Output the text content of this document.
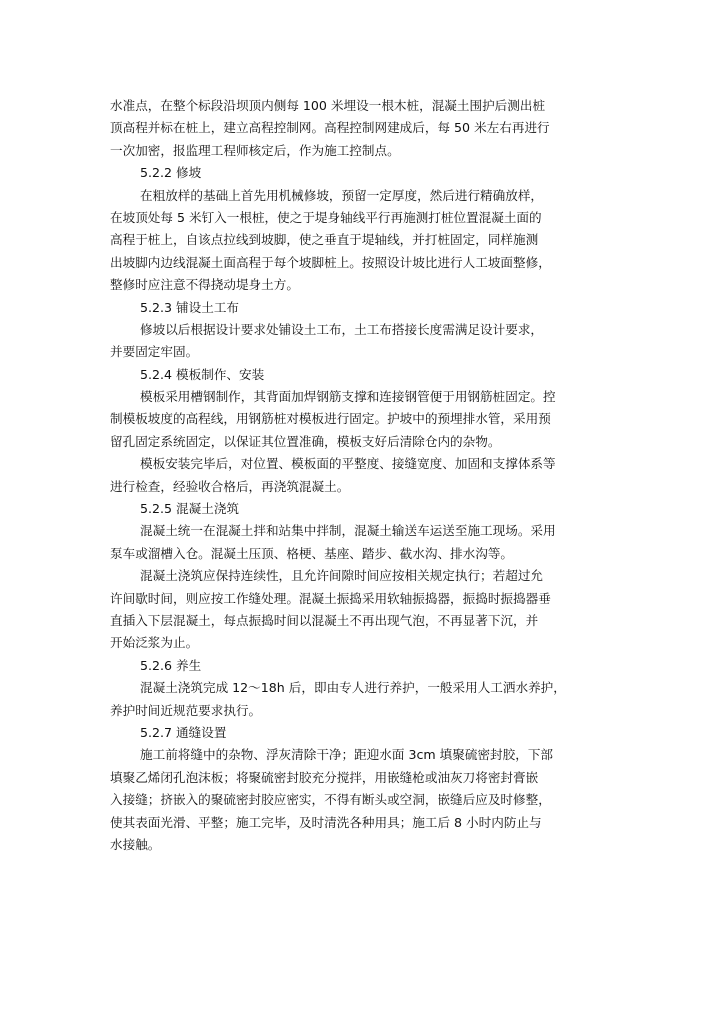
水准点，在整个标段沿坝顶内侧每 100 米埋设一根木桩，混凝土围护后测出桩
顶高程并标在桩上，建立高程控制网。高程控制网建成后，每 50 米左右再进行
一次加密，报监理工程师核定后，作为施工控制点。
5.2.2 修坡
在粗放样的基础上首先用机械修坡，预留一定厚度，然后进行精确放样，
在坡顶处每 5 米钉入一根桩，使之于堤身轴线平行再施测打桩位置混凝土面的
高程于桩上，自该点拉线到坡脚，使之垂直于堤轴线，并打桩固定，同样施测
出坡脚内边线混凝土面高程于每个坡脚桩上。按照设计坡比进行人工坡面整修，
整修时应注意不得挠动堤身土方。
5.2.3 铺设土工布
修坡以后根据设计要求处铺设土工布，土工布搭接长度需满足设计要求，
并要固定牢固。
5.2.4 模板制作、安装
模板采用槽钢制作，其背面加焊钢筋支撑和连接钢管便于用钢筋桩固定。控
制模板坡度的高程线，用钢筋桩对模板进行固定。护坡中的预埋排水管，采用预
留孔固定系统固定，以保证其位置准确，模板支好后清除仓内的杂物。
模板安装完毕后，对位置、模板面的平整度、接缝宽度、加固和支撑体系等
进行检查，经验收合格后，再浇筑混凝土。
5.2.5 混凝土浇筑
混凝土统一在混凝土拌和站集中拌制，混凝土输送车运送至施工现场。采用
泵车或溜槽入仓。混凝土压顶、格梗、基座、踏步、截水沟、排水沟等。
混凝土浇筑应保持连续性，且允许间隙时间应按相关规定执行；若超过允
许间歇时间，则应按工作缝处理。混凝土振捣采用软轴振捣器，振捣时振捣器垂
直插入下层混凝土，每点振捣时间以混凝土不再出现气泡，不再显著下沉，并
开始泛浆为止。
5.2.6 养生
混凝土浇筑完成 12～18h 后，即由专人进行养护，一般采用人工洒水养护，
养护时间近规范要求执行。
5.2.7 通缝设置
施工前将缝中的杂物、浮灰清除干净；距迎水面 3cm 填聚硫密封胶，下部
填聚乙烯闭孔泡沫板；将聚硫密封胶充分搅拌，用嵌缝枪或油灰刀将密封膏嵌
入接缝；挤嵌入的聚硫密封胶应密实，不得有断头或空洞，嵌缝后应及时修整，
使其表面光滑、平整；施工完毕，及时清洗各种用具；施工后 8 小时内防止与
水接触。
